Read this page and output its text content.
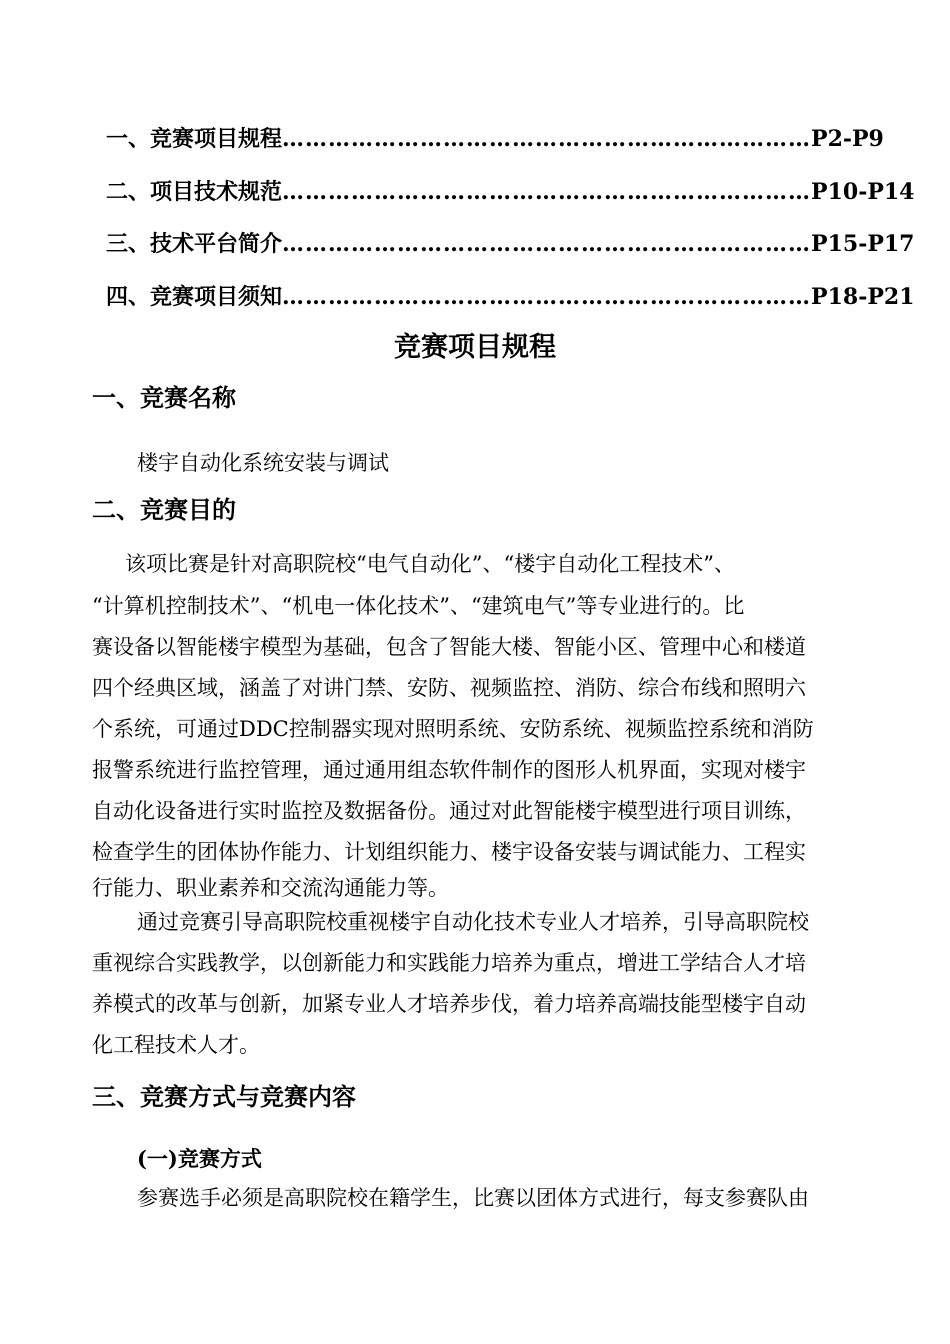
一、竞赛项目规程……………………………………………………………P2-P9
二、项目技术规范……………………………………………………………P10-P14
三、技术平台简介……………………………………………………………P15-P17
四、竞赛项目须知……………………………………………………………P18-P21
竞赛项目规程
一、竞赛名称
楼宇自动化系统安装与调试
二、竞赛目的
该项比赛是针对高职院校“电气自动化”、“楼宇自动化工程技术”、
“计算机控制技术”、“机电一体化技术”、“建筑电气”等专业进行的。比
赛设备以智能楼宇模型为基础，包含了智能大楼、智能小区、管理中心和楼道
四个经典区域，涵盖了对讲门禁、安防、视频监控、消防、综合布线和照明六
个系统，可通过DDC控制器实现对照明系统、安防系统、视频监控系统和消防
报警系统进行监控管理，通过通用组态软件制作的图形人机界面，实现对楼宇
自动化设备进行实时监控及数据备份。通过对此智能楼宇模型进行项目训练，
检查学生的团体协作能力、计划组织能力、楼宇设备安装与调试能力、工程实
行能力、职业素养和交流沟通能力等。
通过竞赛引导高职院校重视楼宇自动化技术专业人才培养，引导高职院校
重视综合实践教学，以创新能力和实践能力培养为重点，增进工学结合人才培
养模式的改革与创新，加紧专业人才培养步伐，着力培养高端技能型楼宇自动
化工程技术人才。
三、竞赛方式与竞赛内容
(一)竞赛方式
参赛选手必须是高职院校在籍学生，比赛以团体方式进行，每支参赛队由
